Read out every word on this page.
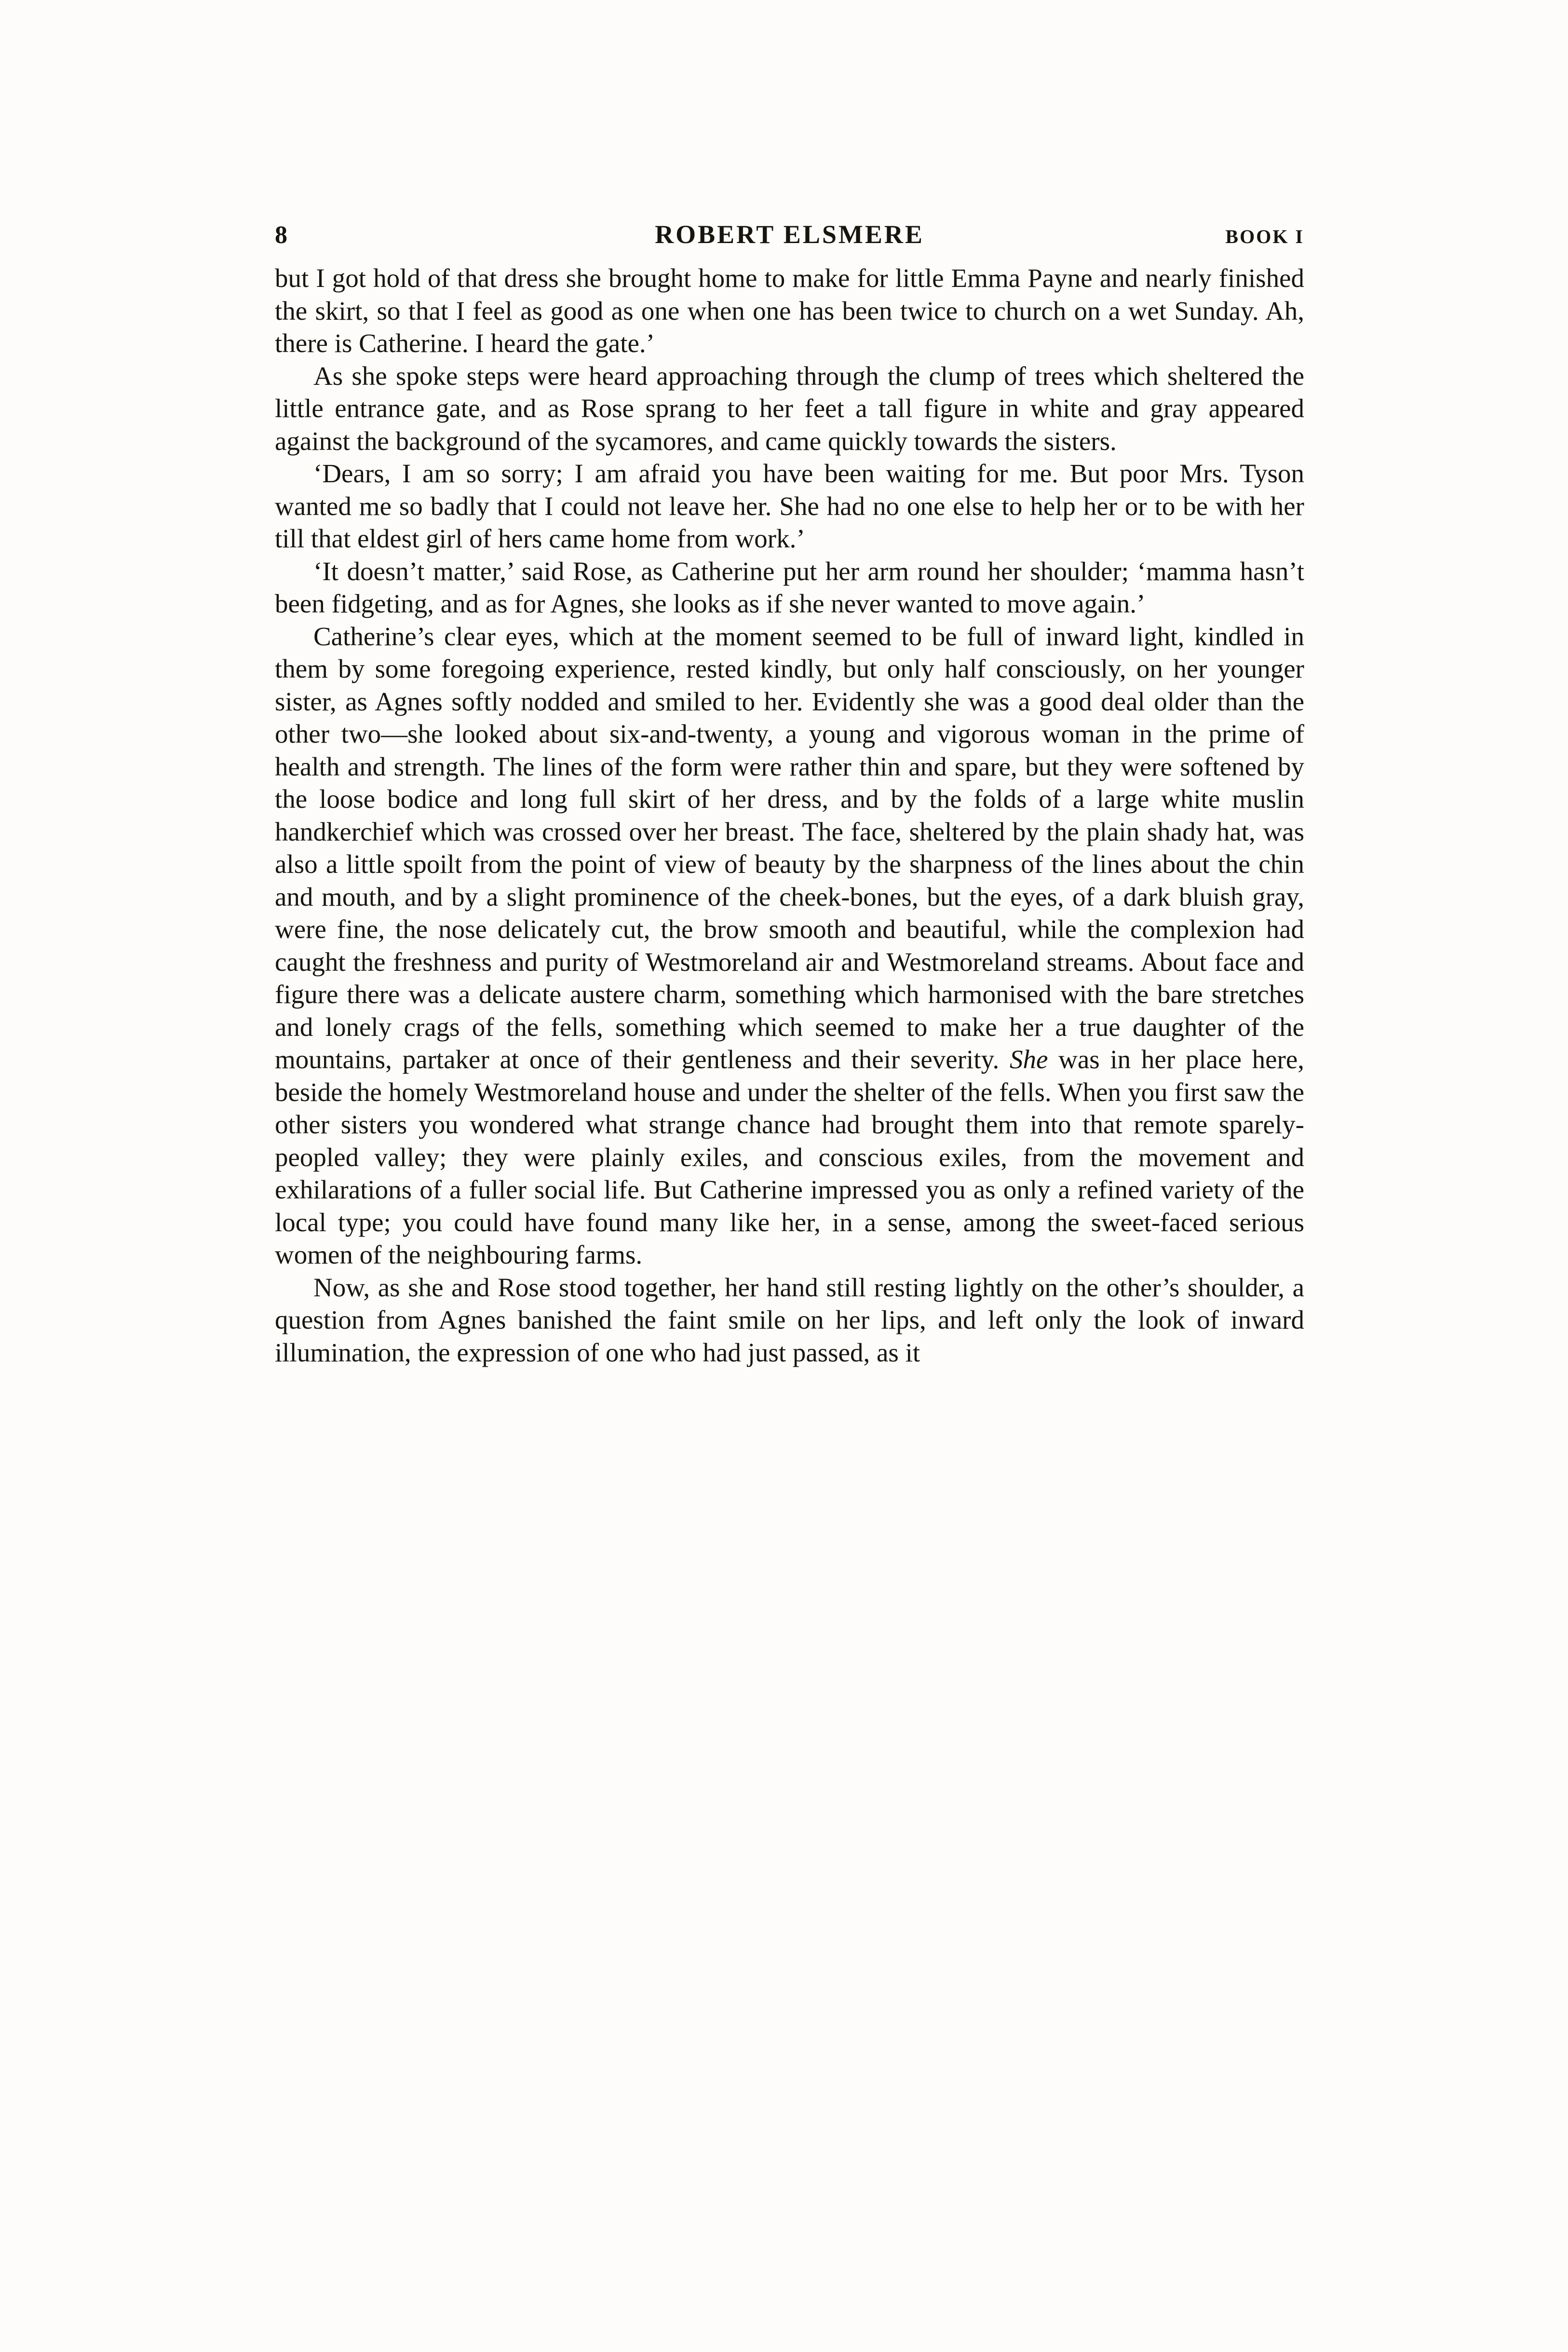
8	ROBERT ELSMERE	BOOK I

but I got hold of that dress she brought home to make for little Emma Payne and nearly finished the skirt, so that I feel as good as one when one has been twice to church on a wet Sunday. Ah, there is Catherine. I heard the gate.’

As she spoke steps were heard approaching through the clump of trees which sheltered the little entrance gate, and as Rose sprang to her feet a tall figure in white and gray appeared against the background of the sycamores, and came quickly towards the sisters.

‘Dears, I am so sorry; I am afraid you have been waiting for me. But poor Mrs. Tyson wanted me so badly that I could not leave her. She had no one else to help her or to be with her till that eldest girl of hers came home from work.’

‘It doesn’t matter,’ said Rose, as Catherine put her arm round her shoulder; ‘mamma hasn’t been fidgeting, and as for Agnes, she looks as if she never wanted to move again.’

Catherine’s clear eyes, which at the moment seemed to be full of inward light, kindled in them by some foregoing experience, rested kindly, but only half consciously, on her younger sister, as Agnes softly nodded and smiled to her. Evidently she was a good deal older than the other two—she looked about six-and-twenty, a young and vigorous woman in the prime of health and strength. The lines of the form were rather thin and spare, but they were softened by the loose bodice and long full skirt of her dress, and by the folds of a large white muslin handkerchief which was crossed over her breast. The face, sheltered by the plain shady hat, was also a little spoilt from the point of view of beauty by the sharpness of the lines about the chin and mouth, and by a slight prominence of the cheek-bones, but the eyes, of a dark bluish gray, were fine, the nose delicately cut, the brow smooth and beautiful, while the complexion had caught the freshness and purity of Westmoreland air and Westmoreland streams. About face and figure there was a delicate austere charm, something which harmonised with the bare stretches and lonely crags of the fells, something which seemed to make her a true daughter of the mountains, partaker at once of their gentleness and their severity. She was in her place here, beside the homely Westmoreland house and under the shelter of the fells. When you first saw the other sisters you wondered what strange chance had brought them into that remote sparely-peopled valley; they were plainly exiles, and conscious exiles, from the movement and exhilarations of a fuller social life. But Catherine impressed you as only a refined variety of the local type; you could have found many like her, in a sense, among the sweet-faced serious women of the neighbouring farms.

Now, as she and Rose stood together, her hand still resting lightly on the other’s shoulder, a question from Agnes banished the faint smile on her lips, and left only the look of inward illumination, the expression of one who had just passed, as it
